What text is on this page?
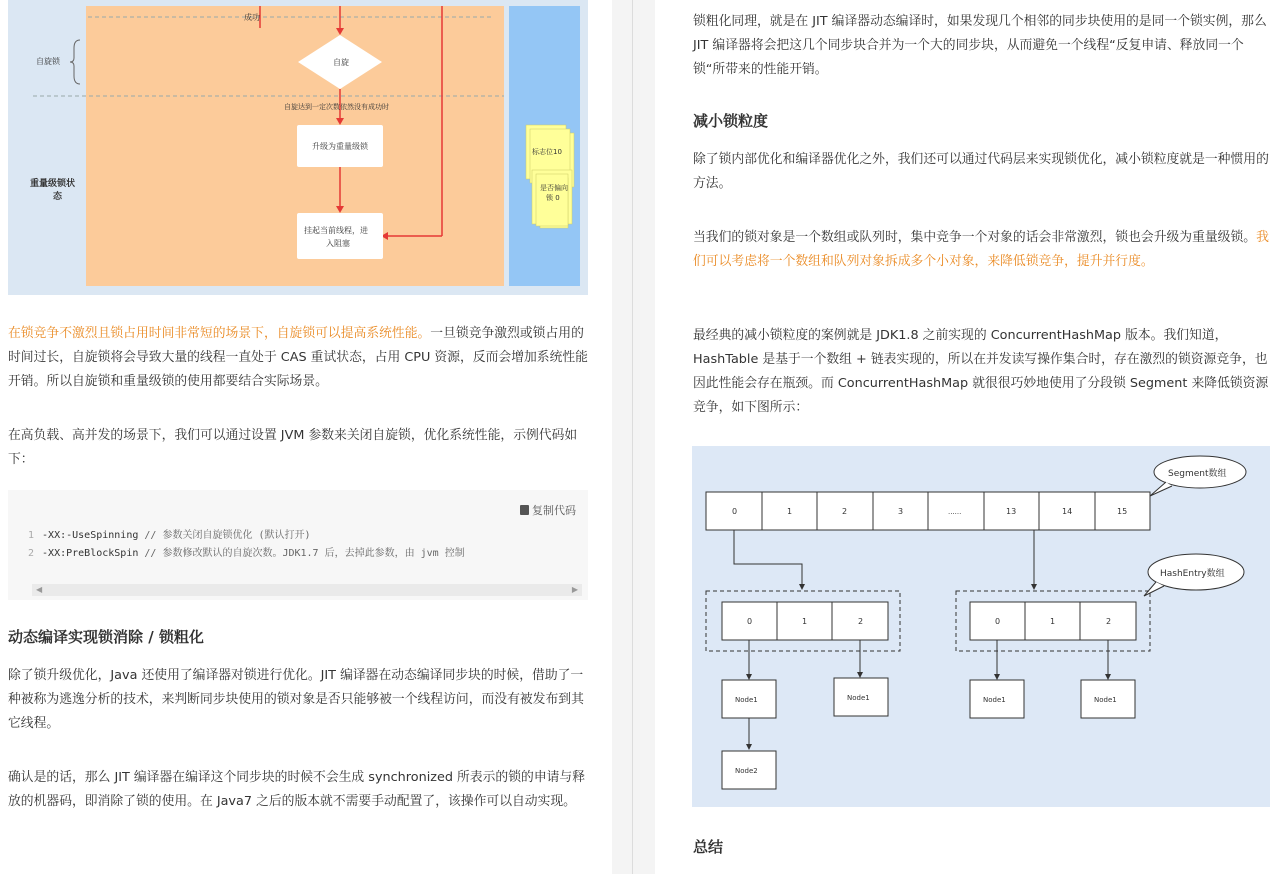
成功
自旋
自旋锁
自旋达到一定次数依然没有成功时
升级为重量级锁
重量级锁状
态
挂起当前线程，进
入阻塞
标志位10
是否偏向
锁 0

在锁竞争不激烈且锁占用时间非常短的场景下，自旋锁可以提高系统性能。一旦锁竞争激烈或锁占用的时间过长，自旋锁将会导致大量的线程一直处于 CAS 重试状态，占用 CPU 资源，反而会增加系统性能开销。所以自旋锁和重量级锁的使用都要结合实际场景。

在高负载、高并发的场景下，我们可以通过设置 JVM 参数来关闭自旋锁，优化系统性能，示例代码如下：

复制代码
1 -XX:-UseSpinning // 参数关闭自旋锁优化 (默认打开)
2 -XX:PreBlockSpin // 参数修改默认的自旋次数。JDK1.7 后，去掉此参数，由 jvm 控制
◀	▶
动态编译实现锁消除 / 锁粗化

除了锁升级优化，Java 还使用了编译器对锁进行优化。JIT 编译器在动态编译同步块的时候，借助了一种被称为逃逸分析的技术，来判断同步块使用的锁对象是否只能够被一个线程访问，而没有被发布到其它线程。

确认是的话，那么 JIT 编译器在编译这个同步块的时候不会生成 synchronized 所表示的锁的申请与释放的机器码，即消除了锁的使用。在 Java7 之后的版本就不需要手动配置了，该操作可以自动实现。

锁粗化同理，就是在 JIT 编译器动态编译时，如果发现几个相邻的同步块使用的是同一个锁实例，那么 JIT 编译器将会把这几个同步块合并为一个大的同步块，从而避免一个线程“反复申请、释放同一个锁“所带来的性能开销。

减小锁粒度

除了锁内部优化和编译器优化之外，我们还可以通过代码层来实现锁优化，减小锁粒度就是一种惯用的方法。

当我们的锁对象是一个数组或队列时，集中竞争一个对象的话会非常激烈，锁也会升级为重量级锁。我们可以考虑将一个数组和队列对象拆成多个小对象，来降低锁竞争，提升并行度。

最经典的减小锁粒度的案例就是 JDK1.8 之前实现的 ConcurrentHashMap 版本。我们知道，HashTable 是基于一个数组 + 链表实现的，所以在并发读写操作集合时，存在激烈的锁资源竞争，也因此性能会存在瓶颈。而 ConcurrentHashMap 就很很巧妙地使用了分段锁 Segment 来降低锁资源竞争，如下图所示：

0	1	2	3	......	13	14	15
Segment数组
HashEntry数组
0	1	2	0	1	2
Node1	Node1	Node1	Node1
Node2
总结
